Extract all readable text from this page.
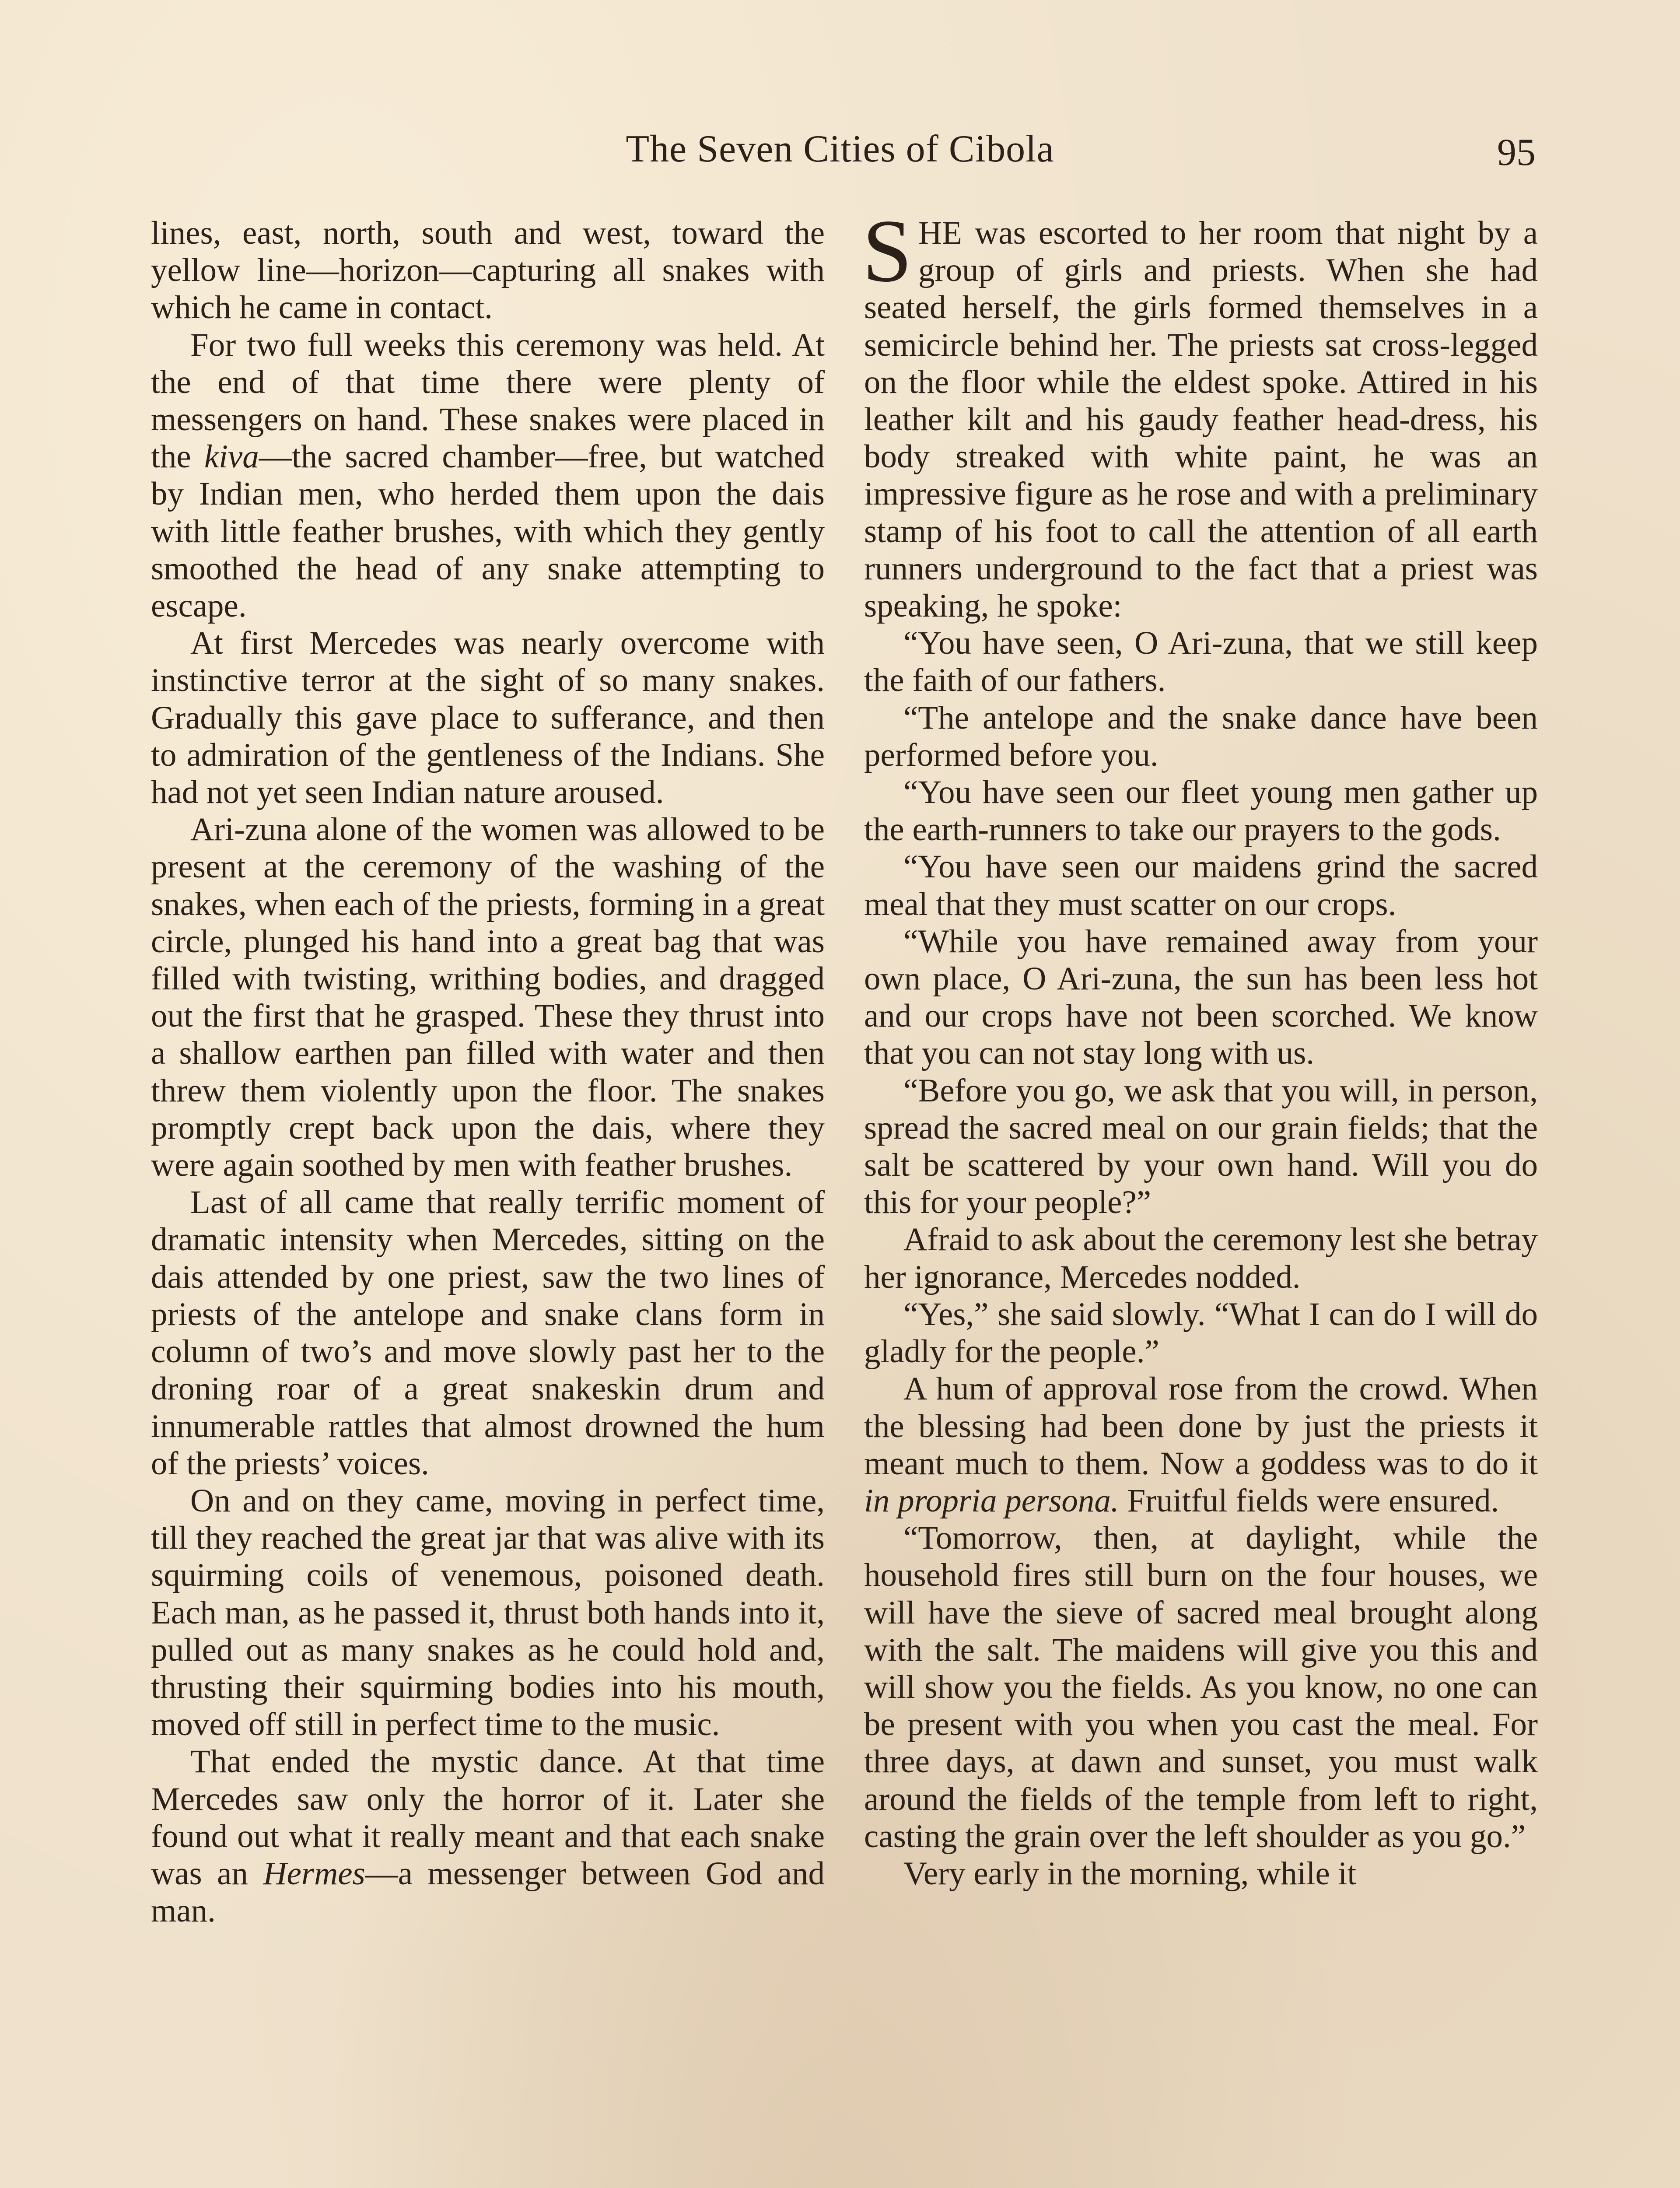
The Seven Cities of Cibola	95

lines, east, north, south and west, toward the yellow line—horizon—capturing all snakes with which he came in contact.

For two full weeks this ceremony was held. At the end of that time there were plenty of messengers on hand. These snakes were placed in the kiva—the sacred chamber—free, but watched by Indian men, who herded them upon the dais with little feather brushes, with which they gently smoothed the head of any snake attempting to escape.

At first Mercedes was nearly overcome with instinctive terror at the sight of so many snakes. Gradually this gave place to sufferance, and then to admiration of the gentleness of the Indians. She had not yet seen Indian nature aroused.

Ari-zuna alone of the women was allowed to be present at the ceremony of the washing of the snakes, when each of the priests, forming in a great circle, plunged his hand into a great bag that was filled with twisting, writhing bodies, and dragged out the first that he grasped. These they thrust into a shallow earthen pan filled with water and then threw them violently upon the floor. The snakes promptly crept back upon the dais, where they were again soothed by men with feather brushes.

Last of all came that really terrific moment of dramatic intensity when Mercedes, sitting on the dais attended by one priest, saw the two lines of priests of the antelope and snake clans form in column of two’s and move slowly past her to the droning roar of a great snakeskin drum and innumerable rattles that almost drowned the hum of the priests’ voices.

On and on they came, moving in perfect time, till they reached the great jar that was alive with its squirming coils of venemous, poisoned death. Each man, as he passed it, thrust both hands into it, pulled out as many snakes as he could hold and, thrusting their squirming bodies into his mouth, moved off still in perfect time to the music.

That ended the mystic dance. At that time Mercedes saw only the horror of it. Later she found out what it really meant and that each snake was an Hermes—a messenger between God and man.

SHE was escorted to her room that night by a group of girls and priests. When she had seated herself, the girls formed themselves in a semicircle behind her. The priests sat cross-legged on the floor while the eldest spoke. Attired in his leather kilt and his gaudy feather head-dress, his body streaked with white paint, he was an impressive figure as he rose and with a preliminary stamp of his foot to call the attention of all earth runners underground to the fact that a priest was speaking, he spoke:

“You have seen, O Ari-zuna, that we still keep the faith of our fathers.

“The antelope and the snake dance have been performed before you.

“You have seen our fleet young men gather up the earth-runners to take our prayers to the gods.

“You have seen our maidens grind the sacred meal that they must scatter on our crops.

“While you have remained away from your own place, O Ari-zuna, the sun has been less hot and our crops have not been scorched. We know that you can not stay long with us.

“Before you go, we ask that you will, in person, spread the sacred meal on our grain fields; that the salt be scattered by your own hand. Will you do this for your people?”

Afraid to ask about the ceremony lest she betray her ignorance, Mercedes nodded.

“Yes,” she said slowly. “What I can do I will do gladly for the people.”

A hum of approval rose from the crowd. When the blessing had been done by just the priests it meant much to them. Now a goddess was to do it in propria persona. Fruitful fields were ensured.

“Tomorrow, then, at daylight, while the household fires still burn on the four houses, we will have the sieve of sacred meal brought along with the salt. The maidens will give you this and will show you the fields. As you know, no one can be present with you when you cast the meal. For three days, at dawn and sunset, you must walk around the fields of the temple from left to right, casting the grain over the left shoulder as you go.”

Very early in the morning, while it
